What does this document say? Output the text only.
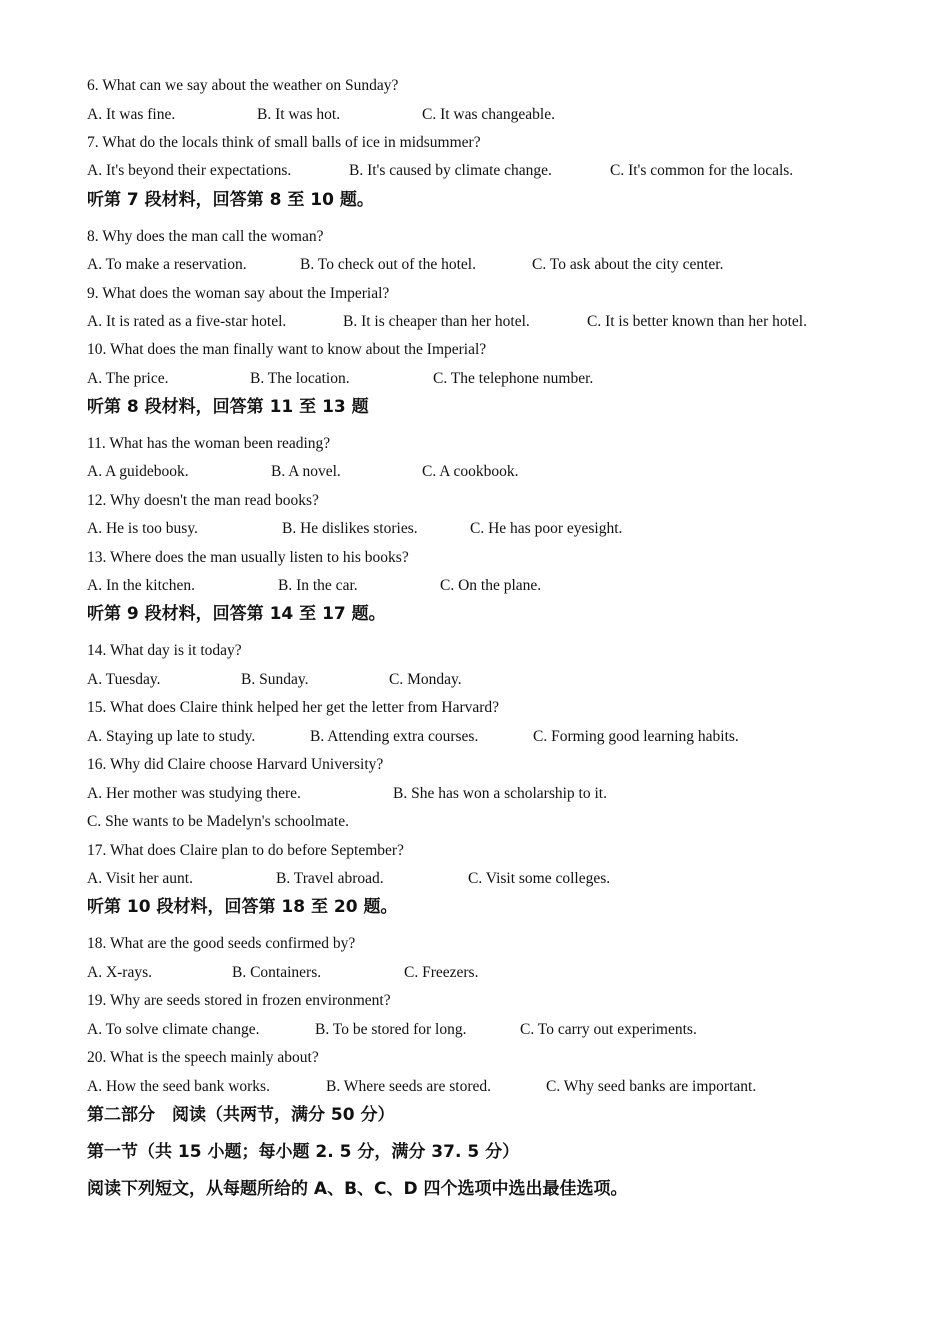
6. What can we say about the weather on Sunday?
A. It was fine.	B. It was hot.	C. It was changeable.
7. What do the locals think of small balls of ice in midsummer?
A. It's beyond their expectations.	B. It's caused by climate change.	C. It's common for the locals.
听第 7 段材料，回答第 8 至 10 题。
8. Why does the man call the woman?
A. To make a reservation.	B. To check out of the hotel.	C. To ask about the city center.
9. What does the woman say about the Imperial?
A. It is rated as a five-star hotel.	B. It is cheaper than her hotel.	C. It is better known than her hotel.
10. What does the man finally want to know about the Imperial?
A. The price.	B. The location.	C. The telephone number.
听第 8 段材料，回答第 11 至 13 题
11. What has the woman been reading?
A. A guidebook.	B. A novel.	C. A cookbook.
12. Why doesn't the man read books?
A. He is too busy.	B. He dislikes stories.	C. He has poor eyesight.
13. Where does the man usually listen to his books?
A. In the kitchen.	B. In the car.	C. On the plane.
听第 9 段材料，回答第 14 至 17 题。
14. What day is it today?
A. Tuesday.	B. Sunday.	C. Monday.
15. What does Claire think helped her get the letter from Harvard?
A. Staying up late to study.	B. Attending extra courses.	C. Forming good learning habits.
16. Why did Claire choose Harvard University?
A. Her mother was studying there.	B. She has won a scholarship to it.
C. She wants to be Madelyn's schoolmate.
17. What does Claire plan to do before September?
A. Visit her aunt.	B. Travel abroad.	C. Visit some colleges.
听第 10 段材料，回答第 18 至 20 题。
18. What are the good seeds confirmed by?
A. X-rays.	B. Containers.	C. Freezers.
19. Why are seeds stored in frozen environment?
A. To solve climate change.	B. To be stored for long.	C. To carry out experiments.
20. What is the speech mainly about?
A. How the seed bank works.	B. Where seeds are stored.	C. Why seed banks are important.
第二部分　阅读（共两节，满分 50 分）
第一节（共 15 小题；每小题 2. 5 分，满分 37. 5 分）
阅读下列短文，从每题所给的 A、B、C、D 四个选项中选出最佳选项。
